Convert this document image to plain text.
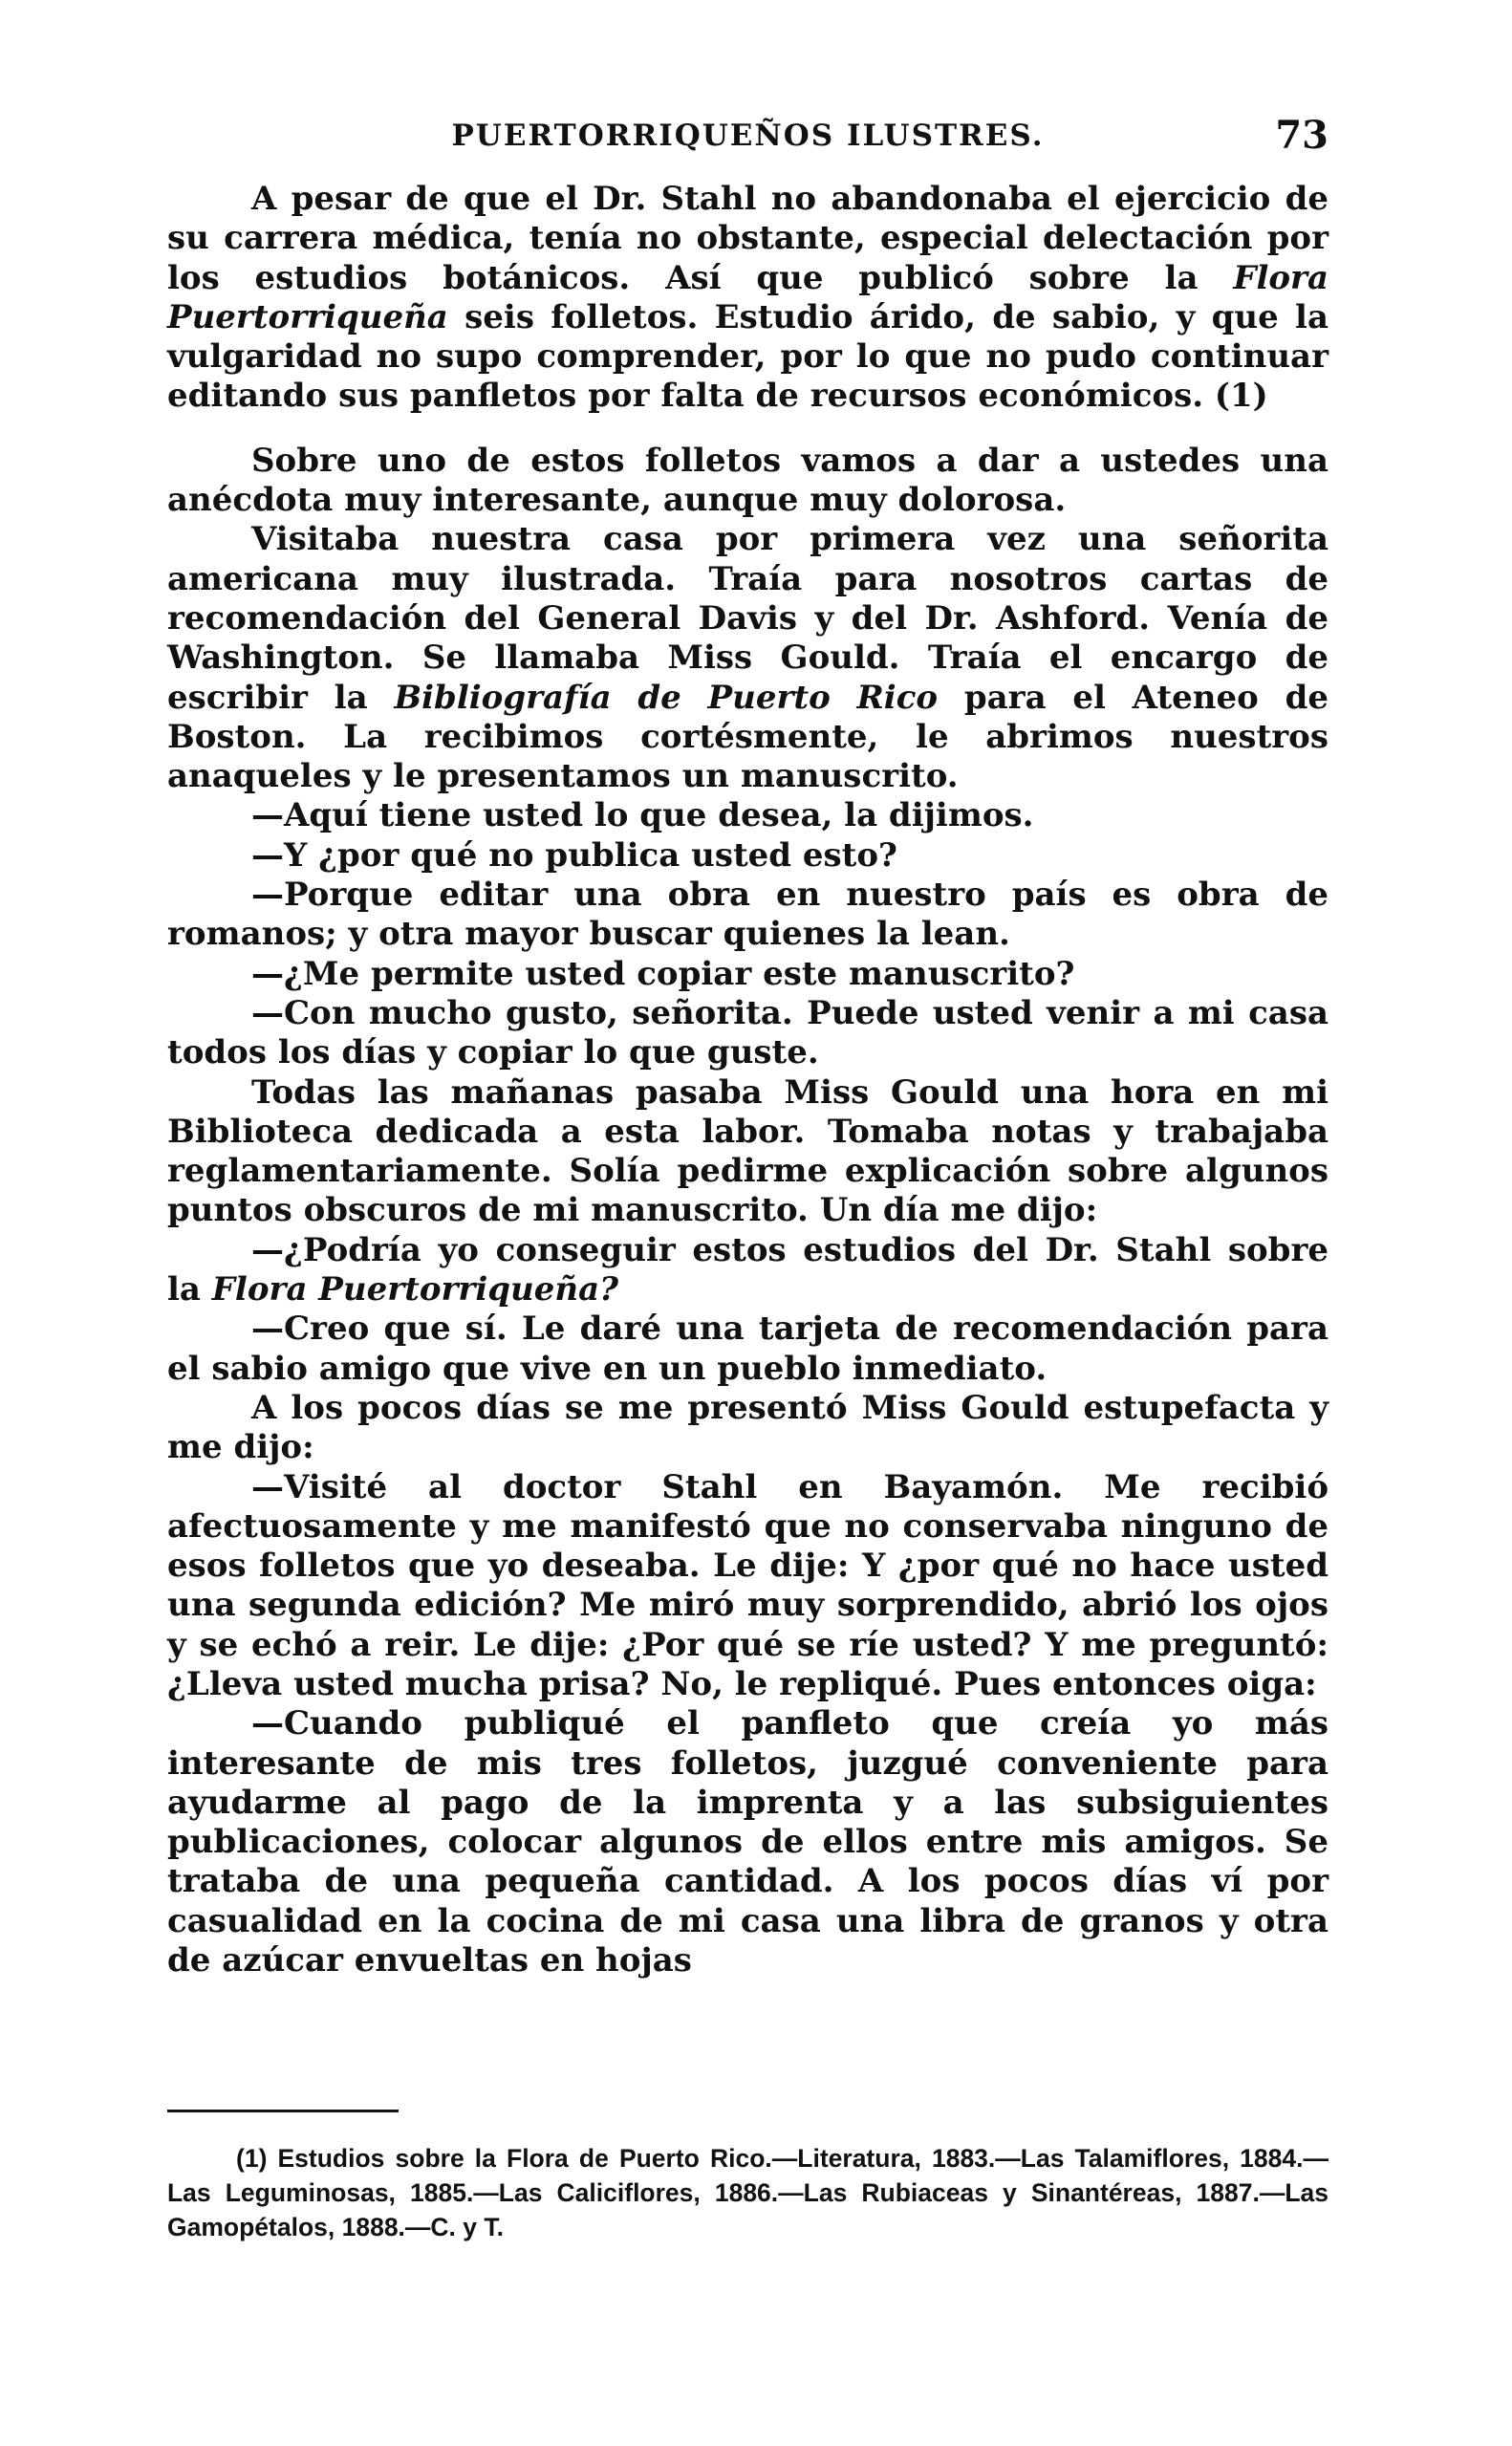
PUERTORRIQUEÑOS ILUSTRES.	73

A pesar de que el Dr. Stahl no abandonaba el ejercicio de su carrera médica, tenía no obstante, especial delectación por los estudios botánicos. Así que publicó sobre la Flora Puertorriqueña seis folletos. Estudio árido, de sabio, y que la vulgaridad no supo comprender, por lo que no pudo continuar editando sus panfletos por falta de recursos económicos. (1)

Sobre uno de estos folletos vamos a dar a ustedes una anécdota muy interesante, aunque muy dolorosa.

Visitaba nuestra casa por primera vez una señorita americana muy ilustrada. Traía para nosotros cartas de recomendación del General Davis y del Dr. Ashford. Venía de Washington. Se llamaba Miss Gould. Traía el encargo de escribir la Bibliografía de Puerto Rico para el Ateneo de Boston. La recibimos cortésmente, le abrimos nuestros anaqueles y le presentamos un manuscrito.

—Aquí tiene usted lo que desea, la dijimos.

—Y ¿por qué no publica usted esto?

—Porque editar una obra en nuestro país es obra de romanos; y otra mayor buscar quienes la lean.

—¿Me permite usted copiar este manuscrito?

—Con mucho gusto, señorita. Puede usted venir a mi casa todos los días y copiar lo que guste.

Todas las mañanas pasaba Miss Gould una hora en mi Biblioteca dedicada a esta labor. Tomaba notas y trabajaba reglamentariamente. Solía pedirme explicación sobre algunos puntos obscuros de mi manuscrito. Un día me dijo:

—¿Podría yo conseguir estos estudios del Dr. Stahl sobre la Flora Puertorriqueña?

—Creo que sí. Le daré una tarjeta de recomendación para el sabio amigo que vive en un pueblo inmediato.

A los pocos días se me presentó Miss Gould estupefacta y me dijo:

—Visité al doctor Stahl en Bayamón. Me recibió afectuosamente y me manifestó que no conservaba ninguno de esos folletos que yo deseaba. Le dije: Y ¿por qué no hace usted una segunda edición? Me miró muy sorprendido, abrió los ojos y se echó a reir. Le dije: ¿Por qué se ríe usted? Y me preguntó: ¿Lleva usted mucha prisa? No, le repliqué. Pues entonces oiga:

—Cuando publiqué el panfleto que creía yo más interesante de mis tres folletos, juzgué conveniente para ayudarme al pago de la imprenta y a las subsiguientes publicaciones, colocar algunos de ellos entre mis amigos. Se trataba de una pequeña cantidad. A los pocos días ví por casualidad en la cocina de mi casa una libra de granos y otra de azúcar envueltas en hojas

(1) Estudios sobre la Flora de Puerto Rico.—Literatura, 1883.—Las Talamiflores, 1884.—Las Leguminosas, 1885.—Las Caliciflores, 1886.—Las Rubiaceas y Sinantéreas, 1887.—Las Gamopétalos, 1888.—C. y T.
